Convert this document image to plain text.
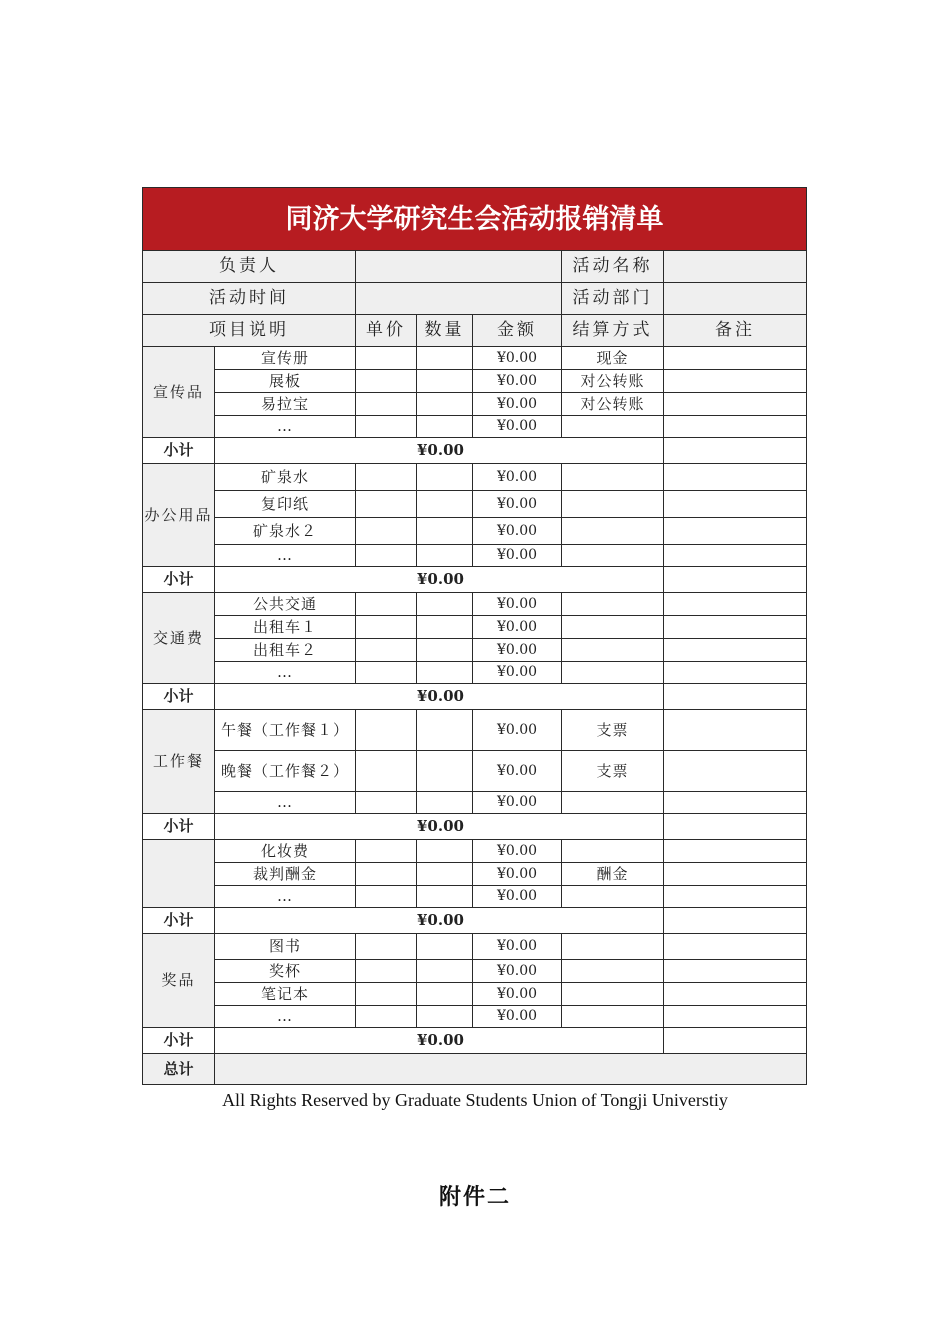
同济大学研究生会活动报销清单						
负责人					活动名称	
活动时间					活动部门	
项目说明		单价	数量	金额	结算方式	备注
宣传品	宣传册			¥0.00	现金	
	展板			¥0.00	对公转账	
	易拉宝			¥0.00	对公转账	
	…			¥0.00		
小计	¥0.00					
办公用品	矿泉水			¥0.00		
	复印纸			¥0.00		
	矿泉水２			¥0.00		
	…			¥0.00		
小计	¥0.00					
交通费	公共交通			¥0.00		
	出租车１			¥0.00		
	出租车２			¥0.00		
	…			¥0.00		
小计	¥0.00					
工作餐	午餐（工作餐１）			¥0.00	支票	
	晚餐（工作餐２）			¥0.00	支票	
	…			¥0.00		
小计	¥0.00					
	化妆费			¥0.00		
	裁判酬金			¥0.00	酬金	
	…			¥0.00		
小计	¥0.00					
奖品	图书			¥0.00		
	奖杯			¥0.00		
	笔记本			¥0.00		
	…			¥0.00		
小计	¥0.00					
总计						
All Rights Reserved by Graduate Students Union of Tongji Universtiy
附件二
